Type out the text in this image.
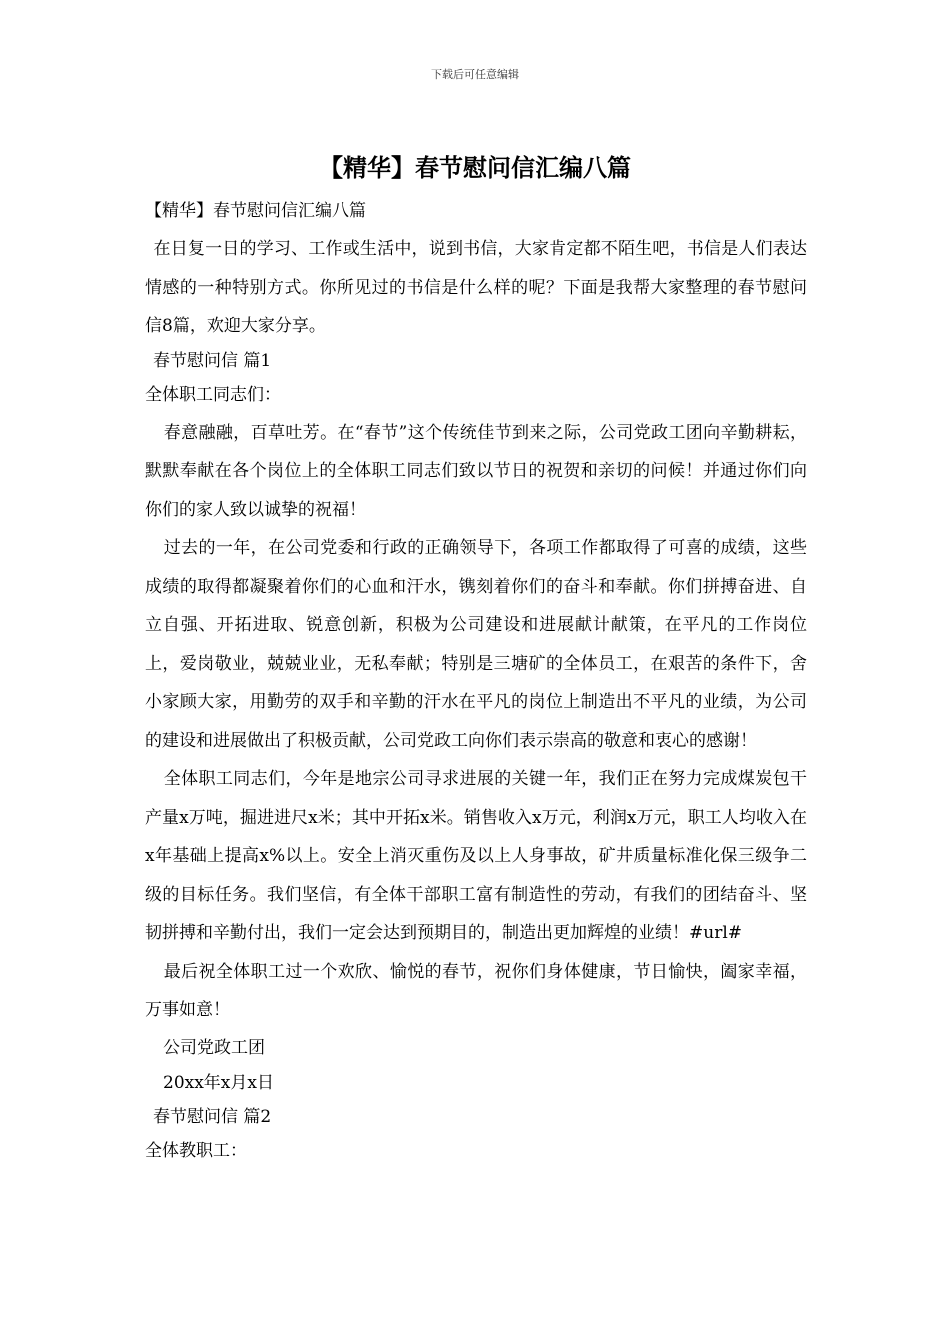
下载后可任意编辑
【精华】春节慰问信汇编八篇
【精华】春节慰问信汇编八篇

在日复一日的学习、工作或生活中，说到书信，大家肯定都不陌生吧，书信是人们表达情感的一种特别方式。你所见过的书信是什么样的呢？下面是我帮大家整理的春节慰问信8篇，欢迎大家分享。

春节慰问信 篇1
全体职工同志们：

春意融融，百草吐芳。在“春节”这个传统佳节到来之际，公司党政工团向辛勤耕耘，默默奉献在各个岗位上的全体职工同志们致以节日的祝贺和亲切的问候！并通过你们向你们的家人致以诚挚的祝福！

过去的一年，在公司党委和行政的正确领导下，各项工作都取得了可喜的成绩，这些成绩的取得都凝聚着你们的心血和汗水，镌刻着你们的奋斗和奉献。你们拼搏奋进、自立自强、开拓进取、锐意创新，积极为公司建设和进展献计献策，在平凡的工作岗位上，爱岗敬业，兢兢业业，无私奉献；特别是三塘矿的全体员工，在艰苦的条件下，舍小家顾大家，用勤劳的双手和辛勤的汗水在平凡的岗位上制造出不平凡的业绩，为公司的建设和进展做出了积极贡献，公司党政工向你们表示崇高的敬意和衷心的感谢！

全体职工同志们，今年是地宗公司寻求进展的关键一年，我们正在努力完成煤炭包干产量x万吨，掘进进尺x米；其中开拓x米。销售收入x万元，利润x万元，职工人均收入在x年基础上提高x%以上。安全上消灭重伤及以上人身事故，矿井质量标准化保三级争二级的目标任务。我们坚信，有全体干部职工富有制造性的劳动，有我们的团结奋斗、坚韧拼搏和辛勤付出，我们一定会达到预期目的，制造出更加辉煌的业绩！#url#

最后祝全体职工过一个欢欣、愉悦的春节，祝你们身体健康，节日愉快，阖家幸福，万事如意！

公司党政工团
20xx年x月x日
春节慰问信 篇2
全体教职工：
